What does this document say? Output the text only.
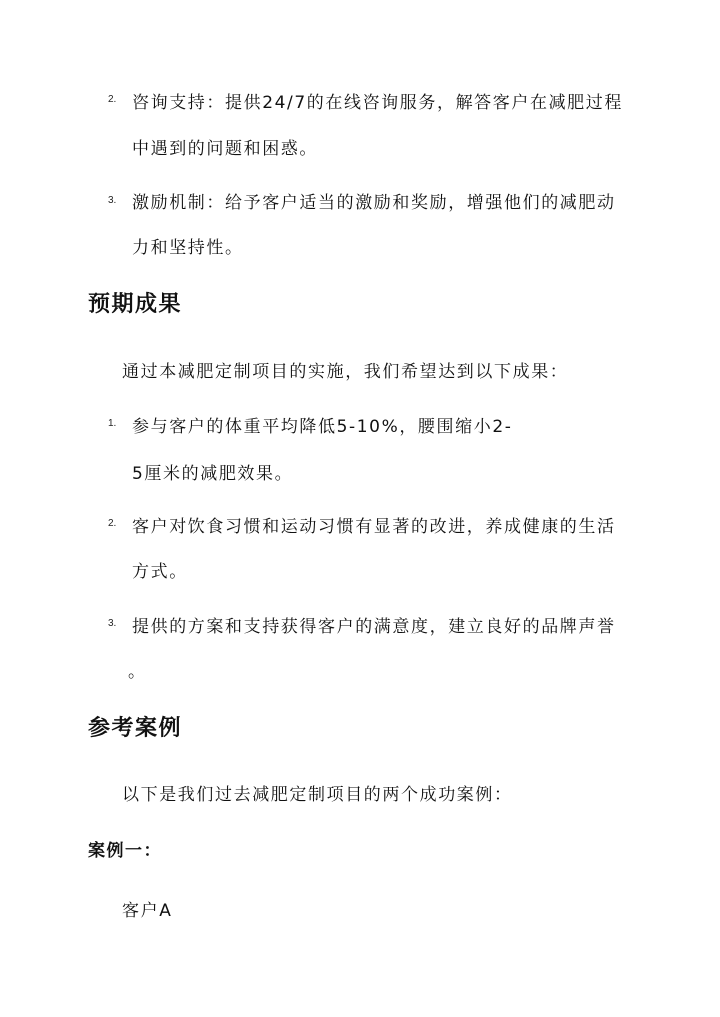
2. 咨询支持：提供24/7的在线咨询服务，解答客户在减肥过程
中遇到的问题和困惑。
3. 激励机制：给予客户适当的激励和奖励，增强他们的减肥动
力和坚持性。
预期成果
通过本减肥定制项目的实施，我们希望达到以下成果：
1. 参与客户的体重平均降低5-10%，腰围缩小2-
5厘米的减肥效果。
2. 客户对饮食习惯和运动习惯有显著的改进，养成健康的生活
方式。
3. 提供的方案和支持获得客户的满意度，建立良好的品牌声誉
。
参考案例
以下是我们过去减肥定制项目的两个成功案例：
案例一：
客户A
